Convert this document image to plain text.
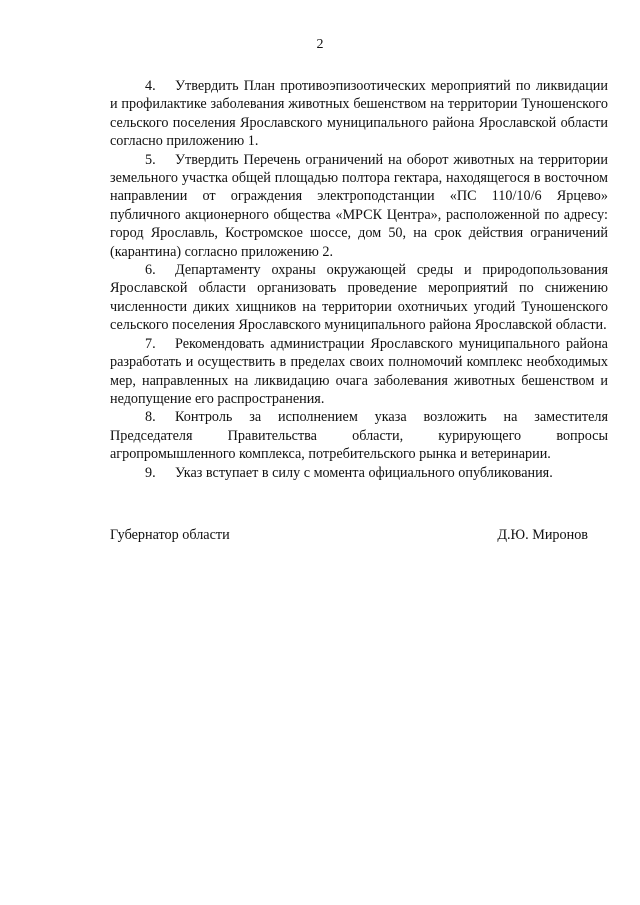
2

4. Утвердить План противоэпизоотических мероприятий по ликвидации и профилактике заболевания животных бешенством на территории Туношенского сельского поселения Ярославского муниципального района Ярославской области согласно приложению 1.

5. Утвердить Перечень ограничений на оборот животных на территории земельного участка общей площадью полтора гектара, находящегося в восточном направлении от ограждения электроподстанции «ПС 110/10/6 Ярцево» публичного акционерного общества «МРСК Центра», расположенной по адресу: город Ярославль, Костромское шоссе, дом 50, на срок действия ограничений (карантина) согласно приложению 2.

6. Департаменту охраны окружающей среды и природопользования Ярославской области организовать проведение мероприятий по снижению численности диких хищников на территории охотничьих угодий Туношенского сельского поселения Ярославского муниципального района Ярославской области.

7. Рекомендовать администрации Ярославского муниципального района разработать и осуществить в пределах своих полномочий комплекс необходимых мер, направленных на ликвидацию очага заболевания животных бешенством и недопущение его распространения.

8. Контроль за исполнением указа возложить на заместителя Председателя Правительства области, курирующего вопросы агропромышленного комплекса, потребительского рынка и ветеринарии.

9. Указ вступает в силу с момента официального опубликования.

Губернатор области	Д.Ю. Миронов
